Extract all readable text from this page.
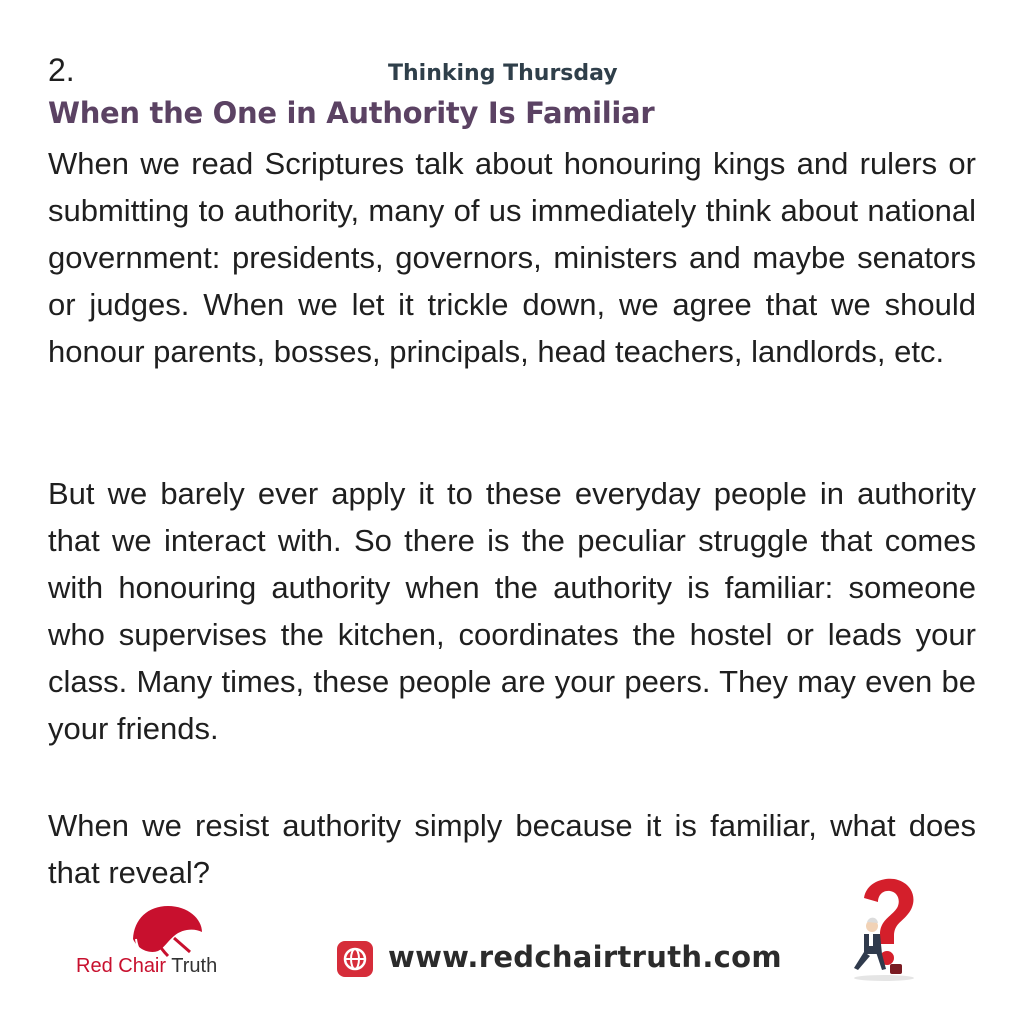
2.	Thinking Thursday
When the One in Authority Is Familiar

When we read Scriptures talk about honouring kings and rulers or submitting to authority, many of us immediately think about national government: presidents, governors, ministers and maybe senators or judges. When we let it trickle down, we agree that we should honour parents, bosses, principals, head teachers, landlords, etc.

But we barely ever apply it to these everyday people in authority that we interact with. So there is the peculiar struggle that comes with honouring authority when the authority is familiar: someone who supervises the kitchen, coordinates the hostel or leads your class. Many times, these people are your peers. They may even be your friends.

When we resist authority simply because it is familiar, what does that reveal?

Red Chair Truth	www.redchairtruth.com
